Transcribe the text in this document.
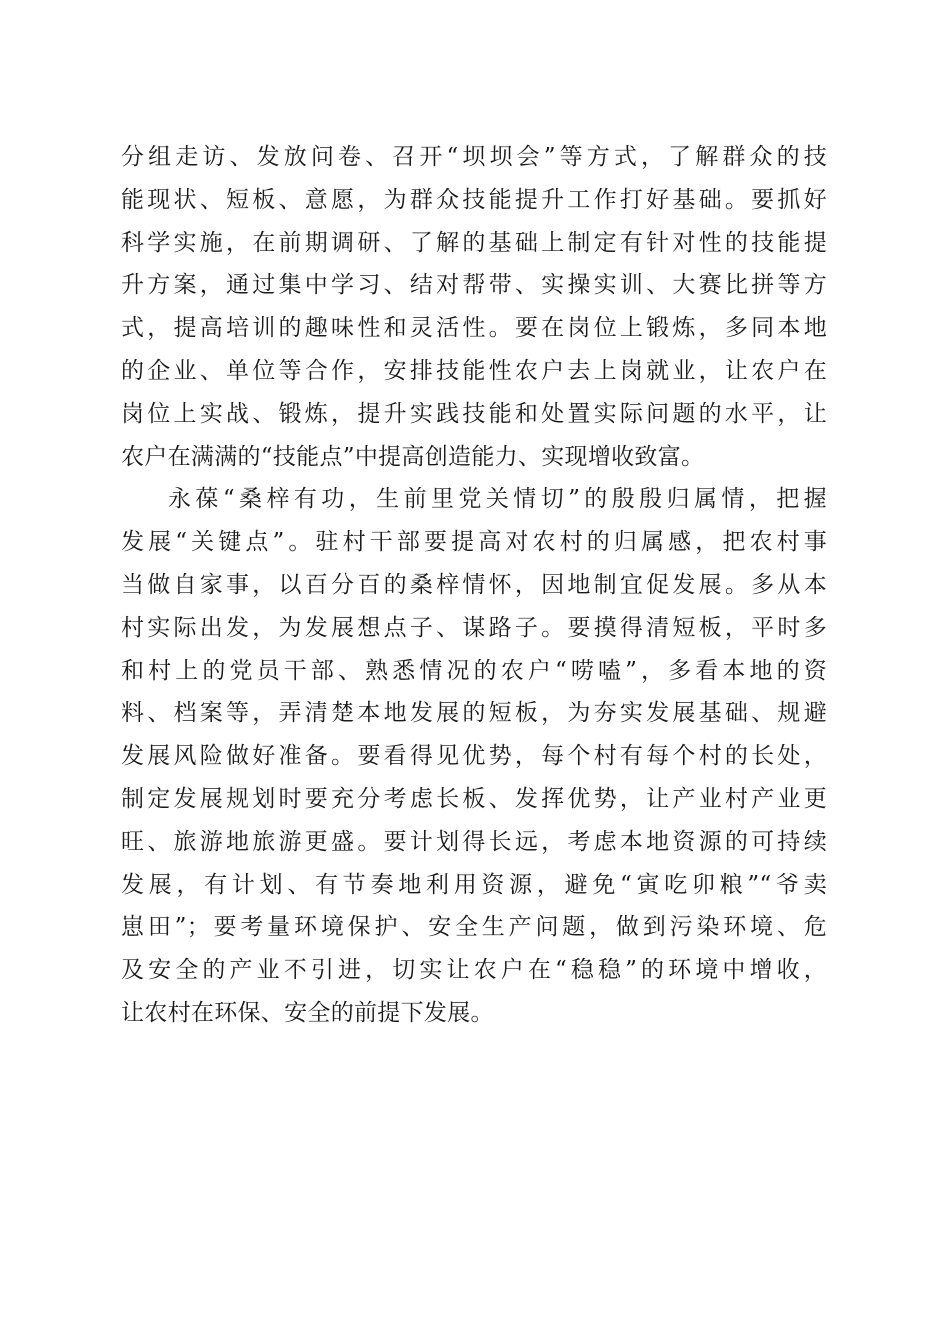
分组走访、发放问卷、召开“坝坝会”等方式，了解群众的技
能现状、短板、意愿，为群众技能提升工作打好基础。要抓好
科学实施，在前期调研、了解的基础上制定有针对性的技能提
升方案，通过集中学习、结对帮带、实操实训、大赛比拼等方
式，提高培训的趣味性和灵活性。要在岗位上锻炼，多同本地
的企业、单位等合作，安排技能性农户去上岗就业，让农户在
岗位上实战、锻炼，提升实践技能和处置实际问题的水平，让
农户在满满的“技能点”中提高创造能力、实现增收致富。
永葆“桑梓有功，生前里党关情切”的殷殷归属情，把握
发展“关键点”。驻村干部要提高对农村的归属感，把农村事
当做自家事，以百分百的桑梓情怀，因地制宜促发展。多从本
村实际出发，为发展想点子、谋路子。要摸得清短板，平时多
和村上的党员干部、熟悉情况的农户“唠嗑”，多看本地的资
料、档案等，弄清楚本地发展的短板，为夯实发展基础、规避
发展风险做好准备。要看得见优势，每个村有每个村的长处，
制定发展规划时要充分考虑长板、发挥优势，让产业村产业更
旺、旅游地旅游更盛。要计划得长远，考虑本地资源的可持续
发展，有计划、有节奏地利用资源，避免“寅吃卯粮”“爷卖
崽田”；要考量环境保护、安全生产问题，做到污染环境、危
及安全的产业不引进，切实让农户在“稳稳”的环境中增收，
让农村在环保、安全的前提下发展。
